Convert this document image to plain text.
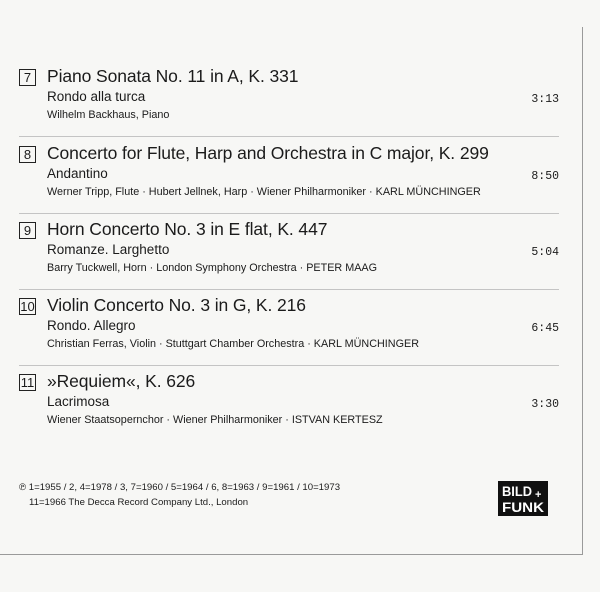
7 Piano Sonata No. 11 in A, K. 331
Rondo alla turca	3:13
Wilhelm Backhaus, Piano
8 Concerto for Flute, Harp and Orchestra in C major, K. 299
Andantino	8:50
Werner Tripp, Flute · Hubert Jellnek, Harp · Wiener Philharmoniker · KARL MÜNCHINGER
9 Horn Concerto No. 3 in E flat, K. 447
Romanze. Larghetto	5:04
Barry Tuckwell, Horn · London Symphony Orchestra · PETER MAAG
10 Violin Concerto No. 3 in G, K. 216
Rondo. Allegro	6:45
Christian Ferras, Violin · Stuttgart Chamber Orchestra · KARL MÜNCHINGER
11 »Requiem«, K. 626
Lacrimosa	3:30
Wiener Staatsopernchor · Wiener Philharmoniker · ISTVAN KERTESZ
℗ 1=1955 / 2, 4=1978 / 3, 7=1960 / 5=1964 / 6, 8=1963 / 9=1961 / 10=1973
11=1966 The Decca Record Company Ltd., London
BILD +
FUNK
